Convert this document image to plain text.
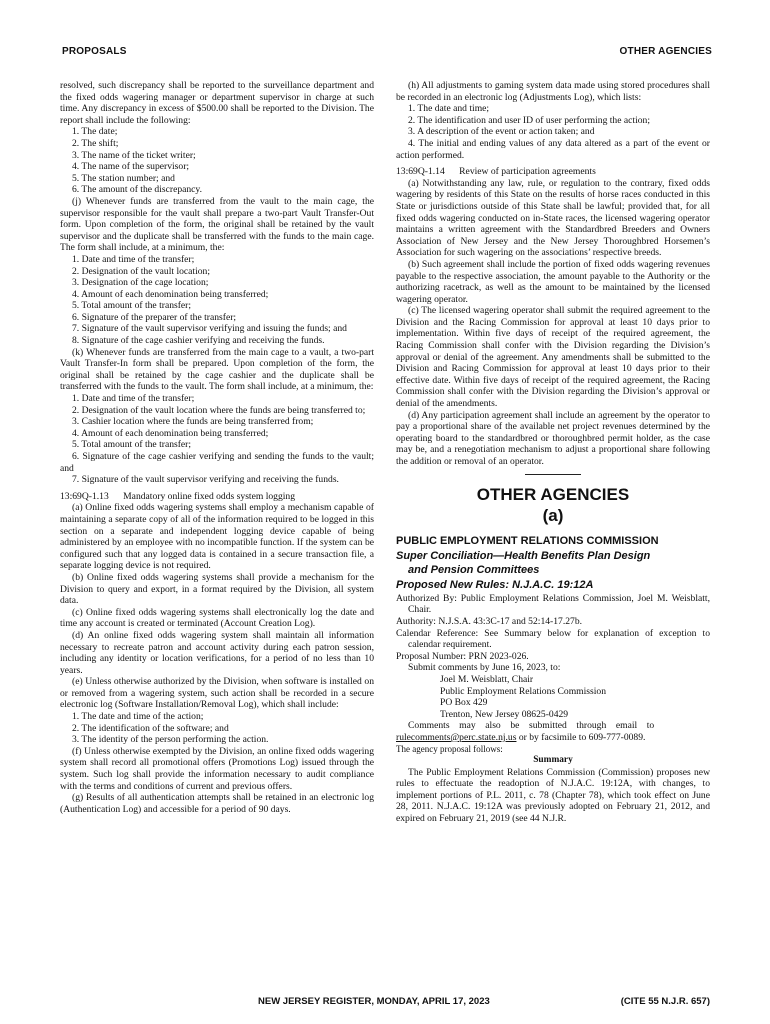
PROPOSALS	OTHER AGENCIES

resolved, such discrepancy shall be reported to the surveillance department and the fixed odds wagering manager or department supervisor in charge at such time. Any discrepancy in excess of $500.00 shall be reported to the Division. The report shall include the following:

1. The date;

2. The shift;

3. The name of the ticket writer;

4. The name of the supervisor;

5. The station number; and

6. The amount of the discrepancy.

(j) Whenever funds are transferred from the vault to the main cage, the supervisor responsible for the vault shall prepare a two-part Vault Transfer-Out form. Upon completion of the form, the original shall be retained by the vault supervisor and the duplicate shall be transferred with the funds to the main cage. The form shall include, at a minimum, the:

1. Date and time of the transfer;

2. Designation of the vault location;

3. Designation of the cage location;

4. Amount of each denomination being transferred;

5. Total amount of the transfer;

6. Signature of the preparer of the transfer;

7. Signature of the vault supervisor verifying and issuing the funds; and

8. Signature of the cage cashier verifying and receiving the funds.

(k) Whenever funds are transferred from the main cage to a vault, a two-part Vault Transfer-In form shall be prepared. Upon completion of the form, the original shall be retained by the cage cashier and the duplicate shall be transferred with the funds to the vault. The form shall include, at a minimum, the:

1. Date and time of the transfer;

2. Designation of the vault location where the funds are being transferred to;

3. Cashier location where the funds are being transferred from;

4. Amount of each denomination being transferred;

5. Total amount of the transfer;

6. Signature of the cage cashier verifying and sending the funds to the vault; and

7. Signature of the vault supervisor verifying and receiving the funds.

13:69Q-1.13  Mandatory online fixed odds system logging

(a) Online fixed odds wagering systems shall employ a mechanism capable of maintaining a separate copy of all of the information required to be logged in this section on a separate and independent logging device capable of being administered by an employee with no incompatible function. If the system can be configured such that any logged data is contained in a secure transaction file, a separate logging device is not required.

(b) Online fixed odds wagering systems shall provide a mechanism for the Division to query and export, in a format required by the Division, all system data.

(c) Online fixed odds wagering systems shall electronically log the date and time any account is created or terminated (Account Creation Log).

(d) An online fixed odds wagering system shall maintain all information necessary to recreate patron and account activity during each patron session, including any identity or location verifications, for a period of no less than 10 years.

(e) Unless otherwise authorized by the Division, when software is installed on or removed from a wagering system, such action shall be recorded in a secure electronic log (Software Installation/Removal Log), which shall include:

1. The date and time of the action;

2. The identification of the software; and

3. The identity of the person performing the action.

(f) Unless otherwise exempted by the Division, an online fixed odds wagering system shall record all promotional offers (Promotions Log) issued through the system. Such log shall provide the information necessary to audit compliance with the terms and conditions of current and previous offers.

(g) Results of all authentication attempts shall be retained in an electronic log (Authentication Log) and accessible for a period of 90 days.

(h) All adjustments to gaming system data made using stored procedures shall be recorded in an electronic log (Adjustments Log), which lists:

1. The date and time;

2. The identification and user ID of user performing the action;

3. A description of the event or action taken; and

4. The initial and ending values of any data altered as a part of the event or action performed.

13:69Q-1.14  Review of participation agreements

(a) Notwithstanding any law, rule, or regulation to the contrary, fixed odds wagering by residents of this State on the results of horse races conducted in this State or jurisdictions outside of this State shall be lawful; provided that, for all fixed odds wagering conducted on in-State races, the licensed wagering operator maintains a written agreement with the Standardbred Breeders and Owners Association of New Jersey and the New Jersey Thoroughbred Horsemen’s Association for such wagering on the associations’ respective breeds.

(b) Such agreement shall include the portion of fixed odds wagering revenues payable to the respective association, the amount payable to the Authority or the authorizing racetrack, as well as the amount to be maintained by the licensed wagering operator.

(c) The licensed wagering operator shall submit the required agreement to the Division and the Racing Commission for approval at least 10 days prior to implementation. Within five days of receipt of the required agreement, the Racing Commission shall confer with the Division regarding the Division’s approval or denial of the agreement. Any amendments shall be submitted to the Division and Racing Commission for approval at least 10 days prior to their effective date. Within five days of receipt of the required agreement, the Racing Commission shall confer with the Division regarding the Division’s approval or denial of the amendments.

(d) Any participation agreement shall include an agreement by the operator to pay a proportional share of the available net project revenues determined by the operating board to the standardbred or thoroughbred permit holder, as the case may be, and a renegotiation mechanism to adjust a proportional share following the addition or removal of an operator.

OTHER AGENCIES
(a)

PUBLIC EMPLOYMENT RELATIONS COMMISSION

Super Conciliation—Health Benefits Plan Design

and Pension Committees

Proposed New Rules: N.J.A.C. 19:12A

Authorized By: Public Employment Relations Commission, Joel M. Weisblatt, Chair.

Authority: N.J.S.A. 43:3C-17 and 52:14-17.27b.

Calendar Reference: See Summary below for explanation of exception to calendar requirement.

Proposal Number: PRN 2023-026.

Submit comments by June 16, 2023, to:

Joel M. Weisblatt, Chair

Public Employment Relations Commission

PO Box 429

Trenton, New Jersey 08625-0429

Comments may also be submitted through email to

rulecomments@perc.state.nj.us or by facsimile to 609-777-0089.

The agency proposal follows:

Summary

The Public Employment Relations Commission (Commission) proposes new rules to effectuate the readoption of N.J.A.C. 19:12A, with changes, to implement portions of P.L. 2011, c. 78 (Chapter 78), which took effect on June 28, 2011. N.J.A.C. 19:12A was previously adopted on February 21, 2012, and expired on February 21, 2019 (see 44 N.J.R.

NEW JERSEY REGISTER, MONDAY, APRIL 17, 2023	(CITE 55 N.J.R. 657)
